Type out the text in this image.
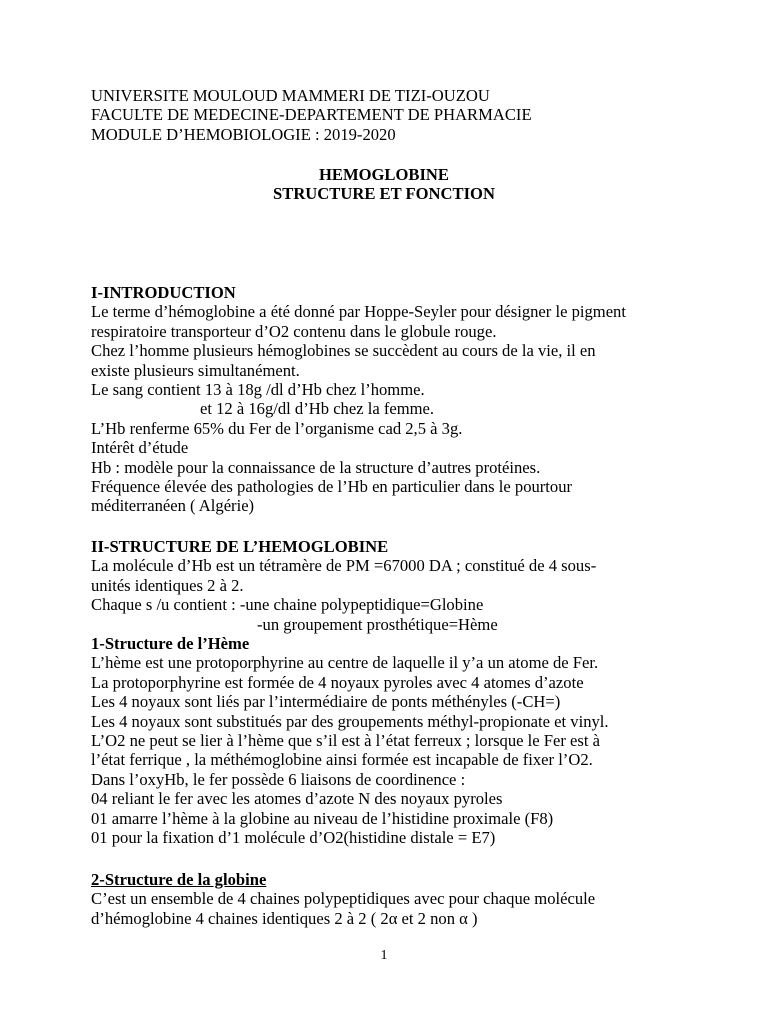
UNIVERSITE MOULOUD MAMMERI DE TIZI-OUZOU
FACULTE DE MEDECINE-DEPARTEMENT DE PHARMACIE
MODULE D’HEMOBIOLOGIE : 2019-2020
HEMOGLOBINE
STRUCTURE ET FONCTION
I-INTRODUCTION
Le terme d’hémoglobine a été donné par Hoppe-Seyler pour désigner le pigment
respiratoire transporteur d’O2 contenu dans le globule rouge.
Chez l’homme plusieurs hémoglobines se succèdent au cours de la vie, il en
existe plusieurs simultanément.
Le sang contient 13 à 18g /dl d’Hb chez l’homme.
et 12 à 16g/dl d’Hb chez la femme.
L’Hb renferme 65% du Fer de l’organisme cad 2,5 à 3g.
Intérêt d’étude
Hb : modèle pour la connaissance de la structure d’autres protéines.
Fréquence élevée des pathologies de l’Hb en particulier dans le pourtour
méditerranéen ( Algérie)
II-STRUCTURE DE L’HEMOGLOBINE
La molécule d’Hb est un tétramère de PM =67000 DA ; constitué de 4 sous-
unités identiques 2 à 2.
Chaque s /u contient : -une chaine polypeptidique=Globine
-un groupement prosthétique=Hème
1-Structure de l’Hème
L’hème est une protoporphyrine au centre de laquelle il y’a un atome de Fer.
La protoporphyrine est formée de 4 noyaux pyroles avec 4 atomes d’azote
Les 4 noyaux sont liés par l’intermédiaire de ponts méthényles (-CH=)
Les 4 noyaux sont substitués par des groupements méthyl-propionate et vinyl.
L’O2 ne peut se lier à l’hème que s’il est à l’état ferreux ; lorsque le Fer est à
l’état ferrique , la méthémoglobine ainsi formée est incapable de fixer l’O2.
Dans l’oxyHb, le fer possède 6 liaisons de coordinence :
04 reliant le fer avec les atomes d’azote N des noyaux pyroles
01 amarre l’hème à la globine au niveau de l’histidine proximale (F8)
01 pour la fixation d’1 molécule d’O2(histidine distale = E7)
2-Structure de la globine
C’est un ensemble de 4 chaines polypeptidiques avec pour chaque molécule
d’hémoglobine 4 chaines identiques 2 à 2 ( 2α et 2 non α )
1
